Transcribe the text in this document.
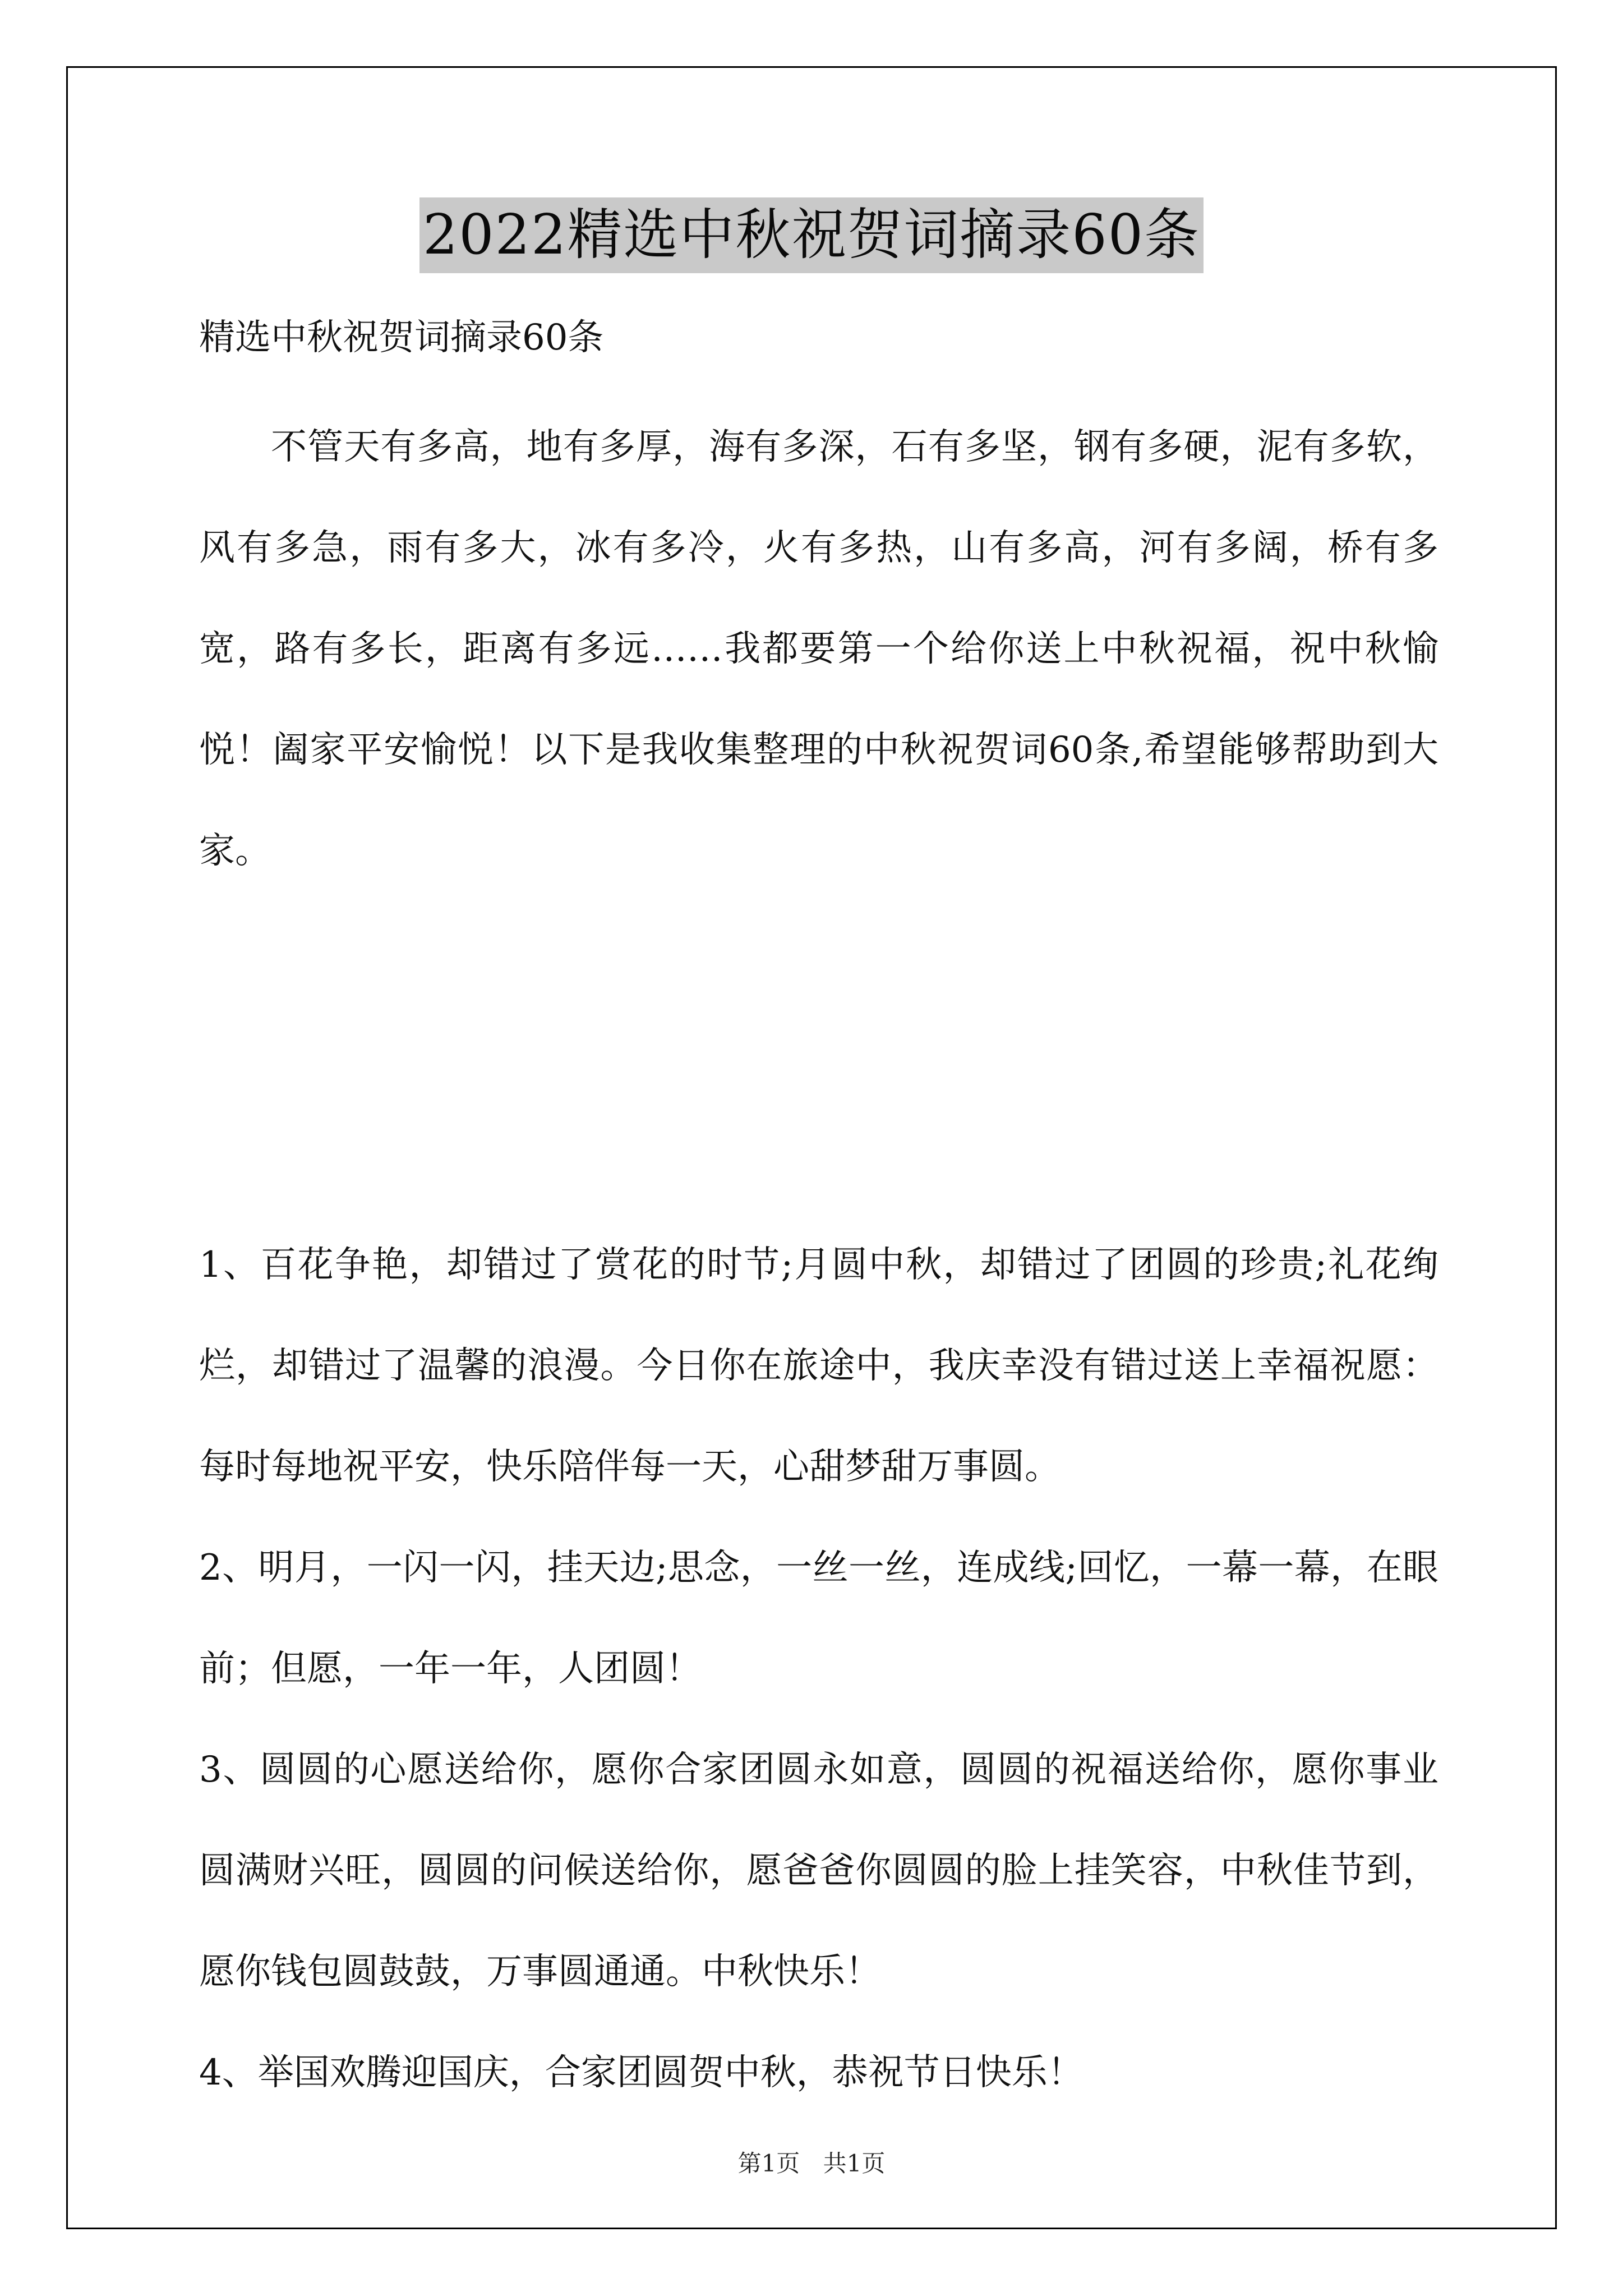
2022精选中秋祝贺词摘录60条

精选中秋祝贺词摘录60条

不管天有多高，地有多厚，海有多深，石有多坚，钢有多硬，泥有多软，风有多急，雨有多大，冰有多冷，火有多热，山有多高，河有多阔，桥有多宽，路有多长，距离有多远……我都要第一个给你送上中秋祝福，祝中秋愉悦！阖家平安愉悦！以下是我收集整理的中秋祝贺词60条,希望能够帮助到大家。

1、百花争艳，却错过了赏花的时节;月圆中秋，却错过了团圆的珍贵;礼花绚烂，却错过了温馨的浪漫。今日你在旅途中，我庆幸没有错过送上幸福祝愿：每时每地祝平安，快乐陪伴每一天，心甜梦甜万事圆。

2、明月，一闪一闪，挂天边;思念，一丝一丝，连成线;回忆，一幕一幕，在眼前；但愿，一年一年，人团圆！

3、圆圆的心愿送给你，愿你合家团圆永如意，圆圆的祝福送给你，愿你事业圆满财兴旺，圆圆的问候送给你，愿爸爸你圆圆的脸上挂笑容，中秋佳节到，愿你钱包圆鼓鼓，万事圆通通。中秋快乐！

4、举国欢腾迎国庆，合家团圆贺中秋，恭祝节日快乐！

第1页 共1页
